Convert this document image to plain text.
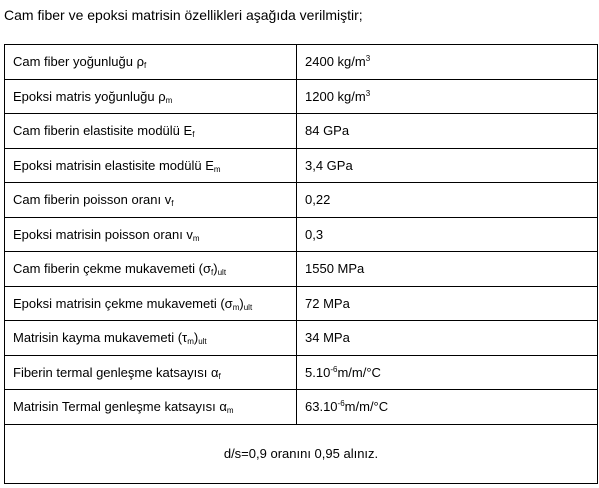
Cam fiber ve epoksi matrisin özellikleri aşağıda verilmiştir;
Cam fiber yoğunluğu $\rho_f$	2400 $kg/m^3$
Epoksi matris yoğunluğu $\rho_m$	1200 $kg/m^3$
Cam fiberin elastisite modülü $E_f$	84 GPa
Epoksi matrisin elastisite modülü $E_m$	3,4 GPa
Cam fiberin poisson oranı $v_f$	0,22
Epoksi matrisin poisson oranı $v_m$	0,3
Cam fiberin çekme mukavemeti $(\sigma_f)_{ult}$	1550 MPa
Epoksi matrisin çekme mukavemeti $(\sigma_m)_{ult}$	72 MPa
Matrisin kayma mukavemeti $(\tau_m)_{ult}$	34 MPa
Fiberin termal genleşme katsayısı $\alpha_f$	$5.10^{-6}m/m/^\circ C$
Matrisin Termal genleşme katsayısı $\alpha_m$	$63.10^{-6}m/m/^\circ C$
d/s=0,9 oranını 0,95 alınız.	
